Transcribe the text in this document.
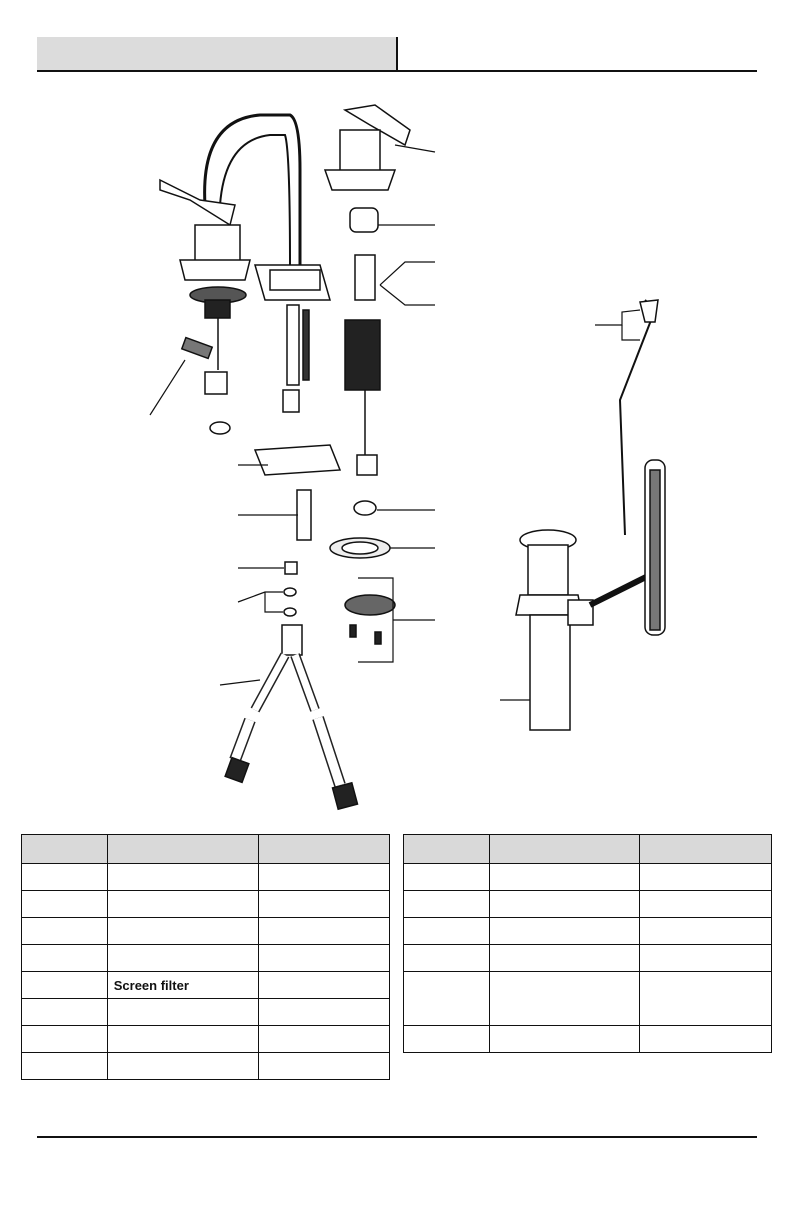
	Screen filter	
